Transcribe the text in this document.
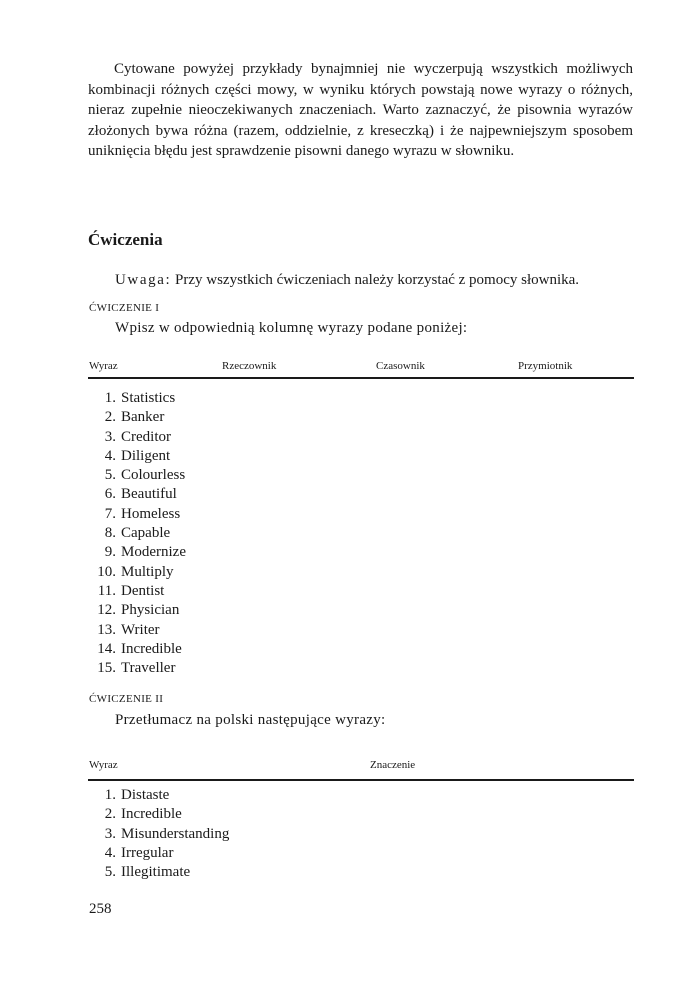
Cytowane powyżej przykłady bynajmniej nie wyczerpują wszystkich możliwych kombinacji różnych części mowy, w wyniku których powstają nowe wyrazy o różnych, nieraz zupełnie nieoczekiwanych znaczeniach. Warto zaznaczyć, że pisownia wyrazów złożonych bywa różna (razem, oddzielnie, z kreseczką) i że najpewniejszym sposobem uniknięcia błędu jest sprawdzenie pisowni danego wyrazu w słowniku.

Ćwiczenia

Uwaga: Przy wszystkich ćwiczeniach należy korzystać z pomocy słownika.

ĆWICZENIE I

Wpisz w odpowiednią kolumnę wyrazy podane poniżej:

Wyraz	Rzeczownik	Czasownik	Przymiotnik
1. Statistics
2. Banker
3. Creditor
4. Diligent
5. Colourless
6. Beautiful
7. Homeless
8. Capable
9. Modernize
10. Multiply
11. Dentist
12. Physician
13. Writer
14. Incredible
15. Traveller

ĆWICZENIE II

Przetłumacz na polski następujące wyrazy:

Wyraz	Znaczenie
1. Distaste
2. Incredible
3. Misunderstanding
4. Irregular
5. Illegitimate

258
